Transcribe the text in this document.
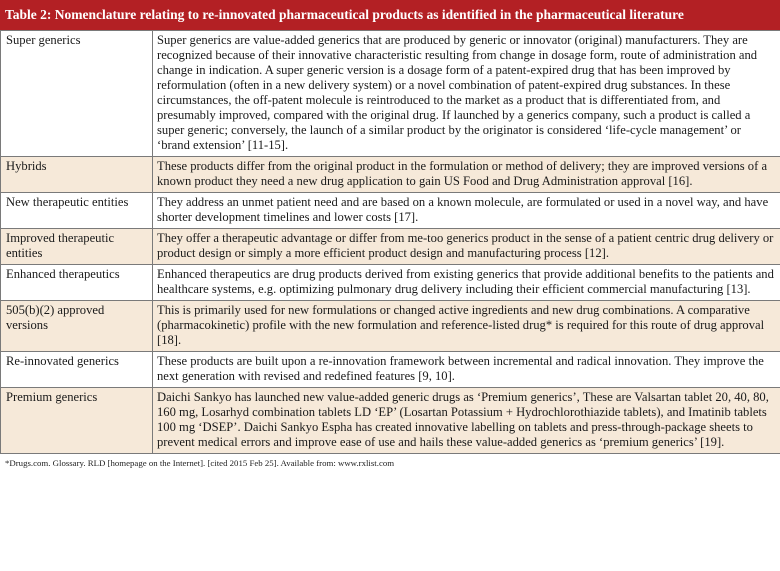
Table 2: Nomenclature relating to re-innovated pharmaceutical products as identified in the pharmaceutical literature
Super generics	Super generics are value-added generics that are produced by generic or innovator (original) manufacturers. They are recognized because of their innovative characteristic resulting from change in dosage form, route of administration and change in indication. A super generic version is a dosage form of a patent-expired drug that has been improved by reformulation (often in a new delivery system) or a novel combination of patent-expired drug substances. In these circumstances, the off-patent molecule is reintroduced to the market as a product that is differentiated from, and presumably improved, compared with the original drug. If launched by a generics company, such a product is called a super generic; conversely, the launch of a similar product by the originator is considered ‘life-cycle management’ or ‘brand extension’ [11-15].
Hybrids	These products differ from the original product in the formulation or method of delivery; they are improved versions of a known product they need a new drug application to gain US Food and Drug Administration approval [16].
New therapeutic entities	They address an unmet patient need and are based on a known molecule, are formulated or used in a novel way, and have shorter development timelines and lower costs [17].
Improved therapeutic entities	They offer a therapeutic advantage or differ from me-too generics product in the sense of a patient centric drug delivery or product design or simply a more efficient product design and manufacturing process [12].
Enhanced therapeutics	Enhanced therapeutics are drug products derived from existing generics that provide additional benefits to the patients and healthcare systems, e.g. optimizing pulmonary drug delivery including their efficient commercial manufacturing [13].
505(b)(2) approved versions	This is primarily used for new formulations or changed active ingredients and new drug combinations. A comparative (pharmacokinetic) profile with the new formulation and reference-listed drug* is required for this route of drug approval [18].
Re-innovated generics	These products are built upon a re-innovation framework between incremental and radical innovation. They improve the next generation with revised and redefined features [9, 10].
Premium generics	Daichi Sankyo has launched new value-added generic drugs as ‘Premium generics’, These are Valsartan tablet 20, 40, 80, 160 mg, Losarhyd combination tablets LD ‘EP’ (Losartan Potassium + Hydrochlorothiazide tablets), and Imatinib tablets 100 mg ‘DSEP’. Daichi Sankyo Espha has created innovative labelling on tablets and press-through-package sheets to prevent medical errors and improve ease of use and hails these value-added generics as ‘premium generics’ [19].
*Drugs.com. Glossary. RLD [homepage on the Internet]. [cited 2015 Feb 25]. Available from: www.rxlist.com
